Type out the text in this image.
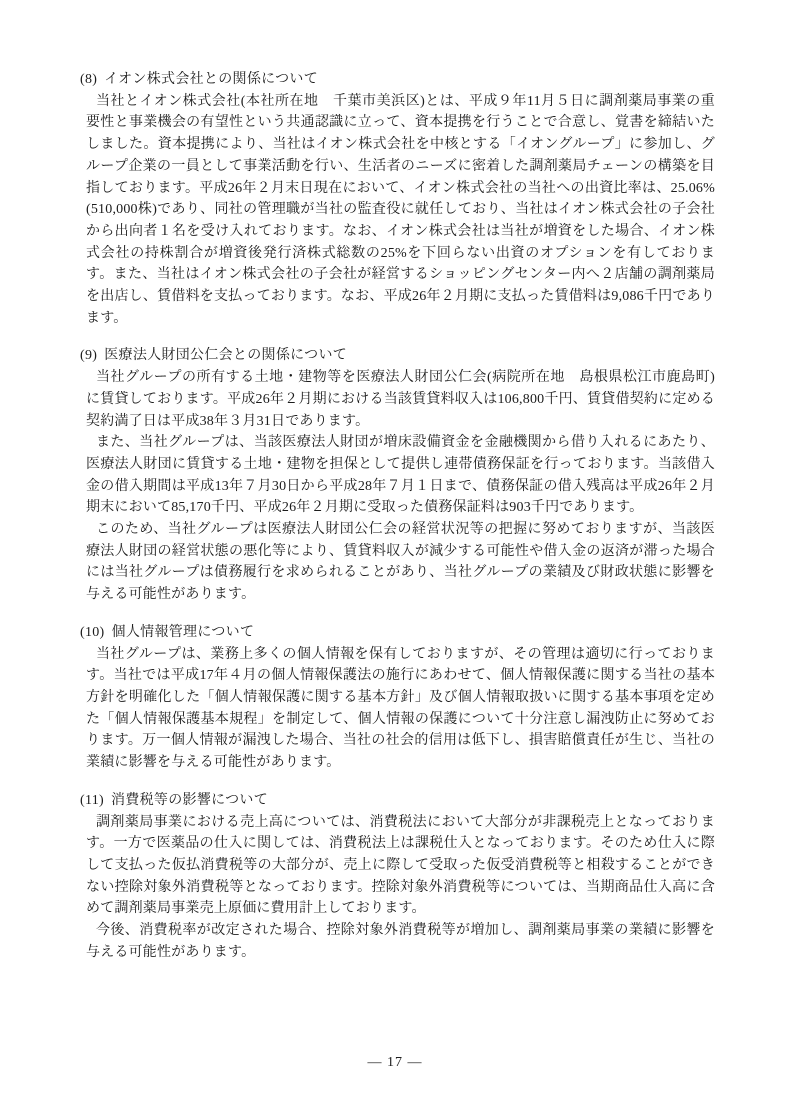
(8) イオン株式会社との関係について

当社とイオン株式会社(本社所在地　千葉市美浜区)とは、平成９年11月５日に調剤薬局事業の重要性と事業機会の有望性という共通認識に立って、資本提携を行うことで合意し、覚書を締結いたしました。資本提携により、当社はイオン株式会社を中核とする「イオングループ」に参加し、グループ企業の一員として事業活動を行い、生活者のニーズに密着した調剤薬局チェーンの構築を目指しております。平成26年２月末日現在において、イオン株式会社の当社への出資比率は、25.06%(510,000株)であり、同社の管理職が当社の監査役に就任しており、当社はイオン株式会社の子会社から出向者１名を受け入れております。なお、イオン株式会社は当社が増資をした場合、イオン株式会社の持株割合が増資後発行済株式総数の25%を下回らない出資のオプションを有しております。また、当社はイオン株式会社の子会社が経営するショッピングセンター内へ２店舗の調剤薬局を出店し、賃借料を支払っております。なお、平成26年２月期に支払った賃借料は9,086千円であります。

(9) 医療法人財団公仁会との関係について

当社グループの所有する土地・建物等を医療法人財団公仁会(病院所在地　島根県松江市鹿島町)に賃貸しております。平成26年２月期における当該賃貸料収入は106,800千円、賃貸借契約に定める契約満了日は平成38年３月31日であります。

また、当社グループは、当該医療法人財団が増床設備資金を金融機関から借り入れるにあたり、医療法人財団に賃貸する土地・建物を担保として提供し連帯債務保証を行っております。当該借入金の借入期間は平成13年７月30日から平成28年７月１日まで、債務保証の借入残高は平成26年２月期末において85,170千円、平成26年２月期に受取った債務保証料は903千円であります。

このため、当社グループは医療法人財団公仁会の経営状況等の把握に努めておりますが、当該医療法人財団の経営状態の悪化等により、賃貸料収入が減少する可能性や借入金の返済が滞った場合には当社グループは債務履行を求められることがあり、当社グループの業績及び財政状態に影響を与える可能性があります。

(10) 個人情報管理について

当社グループは、業務上多くの個人情報を保有しておりますが、その管理は適切に行っております。当社では平成17年４月の個人情報保護法の施行にあわせて、個人情報保護に関する当社の基本方針を明確化した「個人情報保護に関する基本方針」及び個人情報取扱いに関する基本事項を定めた「個人情報保護基本規程」を制定して、個人情報の保護について十分注意し漏洩防止に努めております。万一個人情報が漏洩した場合、当社の社会的信用は低下し、損害賠償責任が生じ、当社の業績に影響を与える可能性があります。

(11) 消費税等の影響について

調剤薬局事業における売上高については、消費税法において大部分が非課税売上となっております。一方で医薬品の仕入に関しては、消費税法上は課税仕入となっております。そのため仕入に際して支払った仮払消費税等の大部分が、売上に際して受取った仮受消費税等と相殺することができない控除対象外消費税等となっております。控除対象外消費税等については、当期商品仕入高に含めて調剤薬局事業売上原価に費用計上しております。

今後、消費税率が改定された場合、控除対象外消費税等が増加し、調剤薬局事業の業績に影響を与える可能性があります。

— 17 —
